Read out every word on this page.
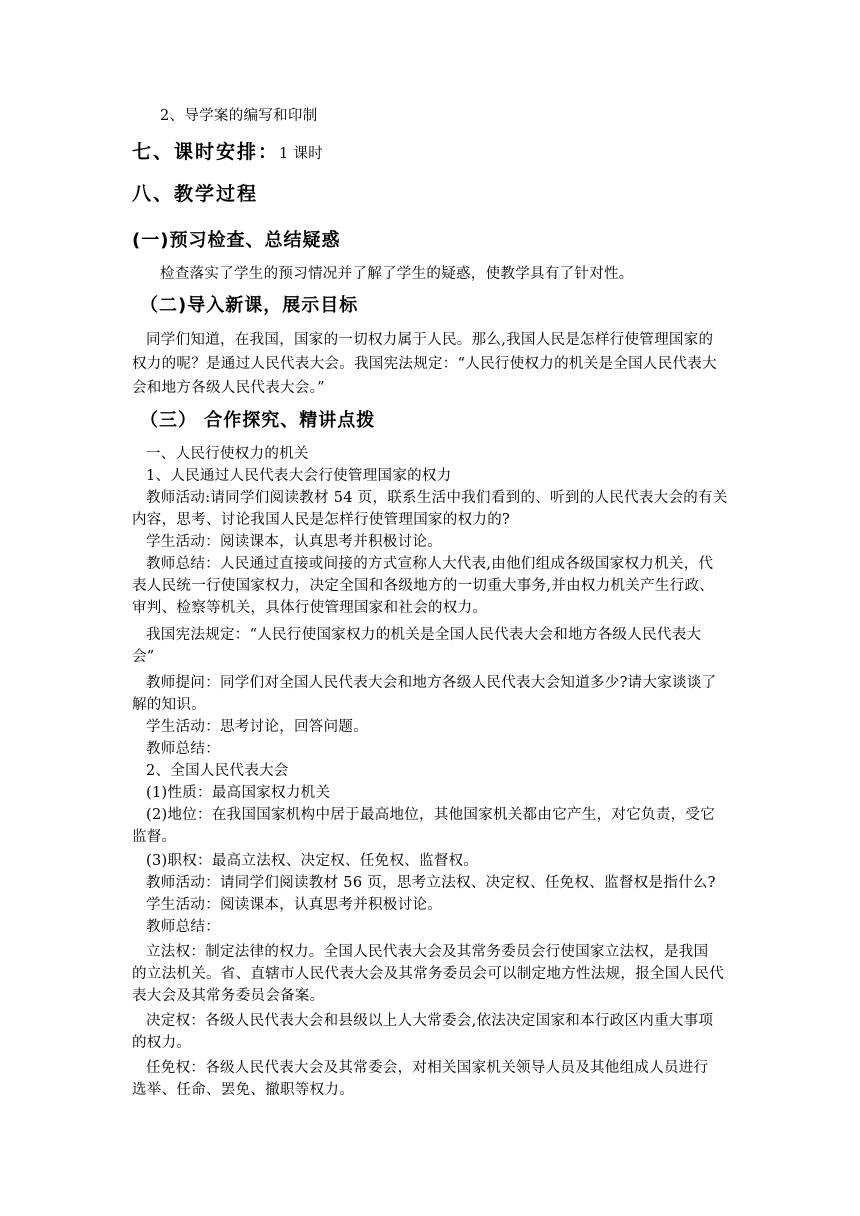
2、导学案的编写和印制
七、课时安排：1 课时
八、教学过程
(一)预习检查、总结疑惑
检查落实了学生的预习情况并了解了学生的疑惑，使教学具有了针对性。
（二)导入新课，展示目标
同学们知道，在我国，国家的一切权力属于人民。那么,我国人民是怎样行使管理国家的
权力的呢？是通过人民代表大会。我国宪法规定：“人民行使权力的机关是全国人民代表大
会和地方各级人民代表大会。”
（三） 合作探究、精讲点拨
一、人民行使权力的机关
1、人民通过人民代表大会行使管理国家的权力
教师活动:请同学们阅读教材 54 页，联系生活中我们看到的、听到的人民代表大会的有关
内容，思考、讨论我国人民是怎样行使管理国家的权力的?
学生活动：阅读课本，认真思考并积极讨论。
教师总结：人民通过直接或间接的方式宣称人大代表,由他们组成各级国家权力机关，代
表人民统一行使国家权力，决定全国和各级地方的一切重大事务,并由权力机关产生行政、
审判、检察等机关，具体行使管理国家和社会的权力。
我国宪法规定：“人民行使国家权力的机关是全国人民代表大会和地方各级人民代表大
会”
教师提问：同学们对全国人民代表大会和地方各级人民代表大会知道多少?请大家谈谈了
解的知识。
学生活动：思考讨论，回答问题。
教师总结：
2、全国人民代表大会
(1)性质：最高国家权力机关
(2)地位：在我国国家机构中居于最高地位，其他国家机关都由它产生，对它负责，受它
监督。
(3)职权：最高立法权、决定权、任免权、监督权。
教师活动：请同学们阅读教材 56 页，思考立法权、决定权、任免权、监督权是指什么?
学生活动：阅读课本，认真思考并积极讨论。
教师总结：
立法权：制定法律的权力。全国人民代表大会及其常务委员会行使国家立法权，是我国
的立法机关。省、直辖市人民代表大会及其常务委员会可以制定地方性法规，报全国人民代
表大会及其常务委员会备案。
决定权：各级人民代表大会和县级以上人大常委会,依法决定国家和本行政区内重大事项
的权力。
任免权：各级人民代表大会及其常委会，对相关国家机关领导人员及其他组成人员进行
选举、任命、罢免、撤职等权力。
